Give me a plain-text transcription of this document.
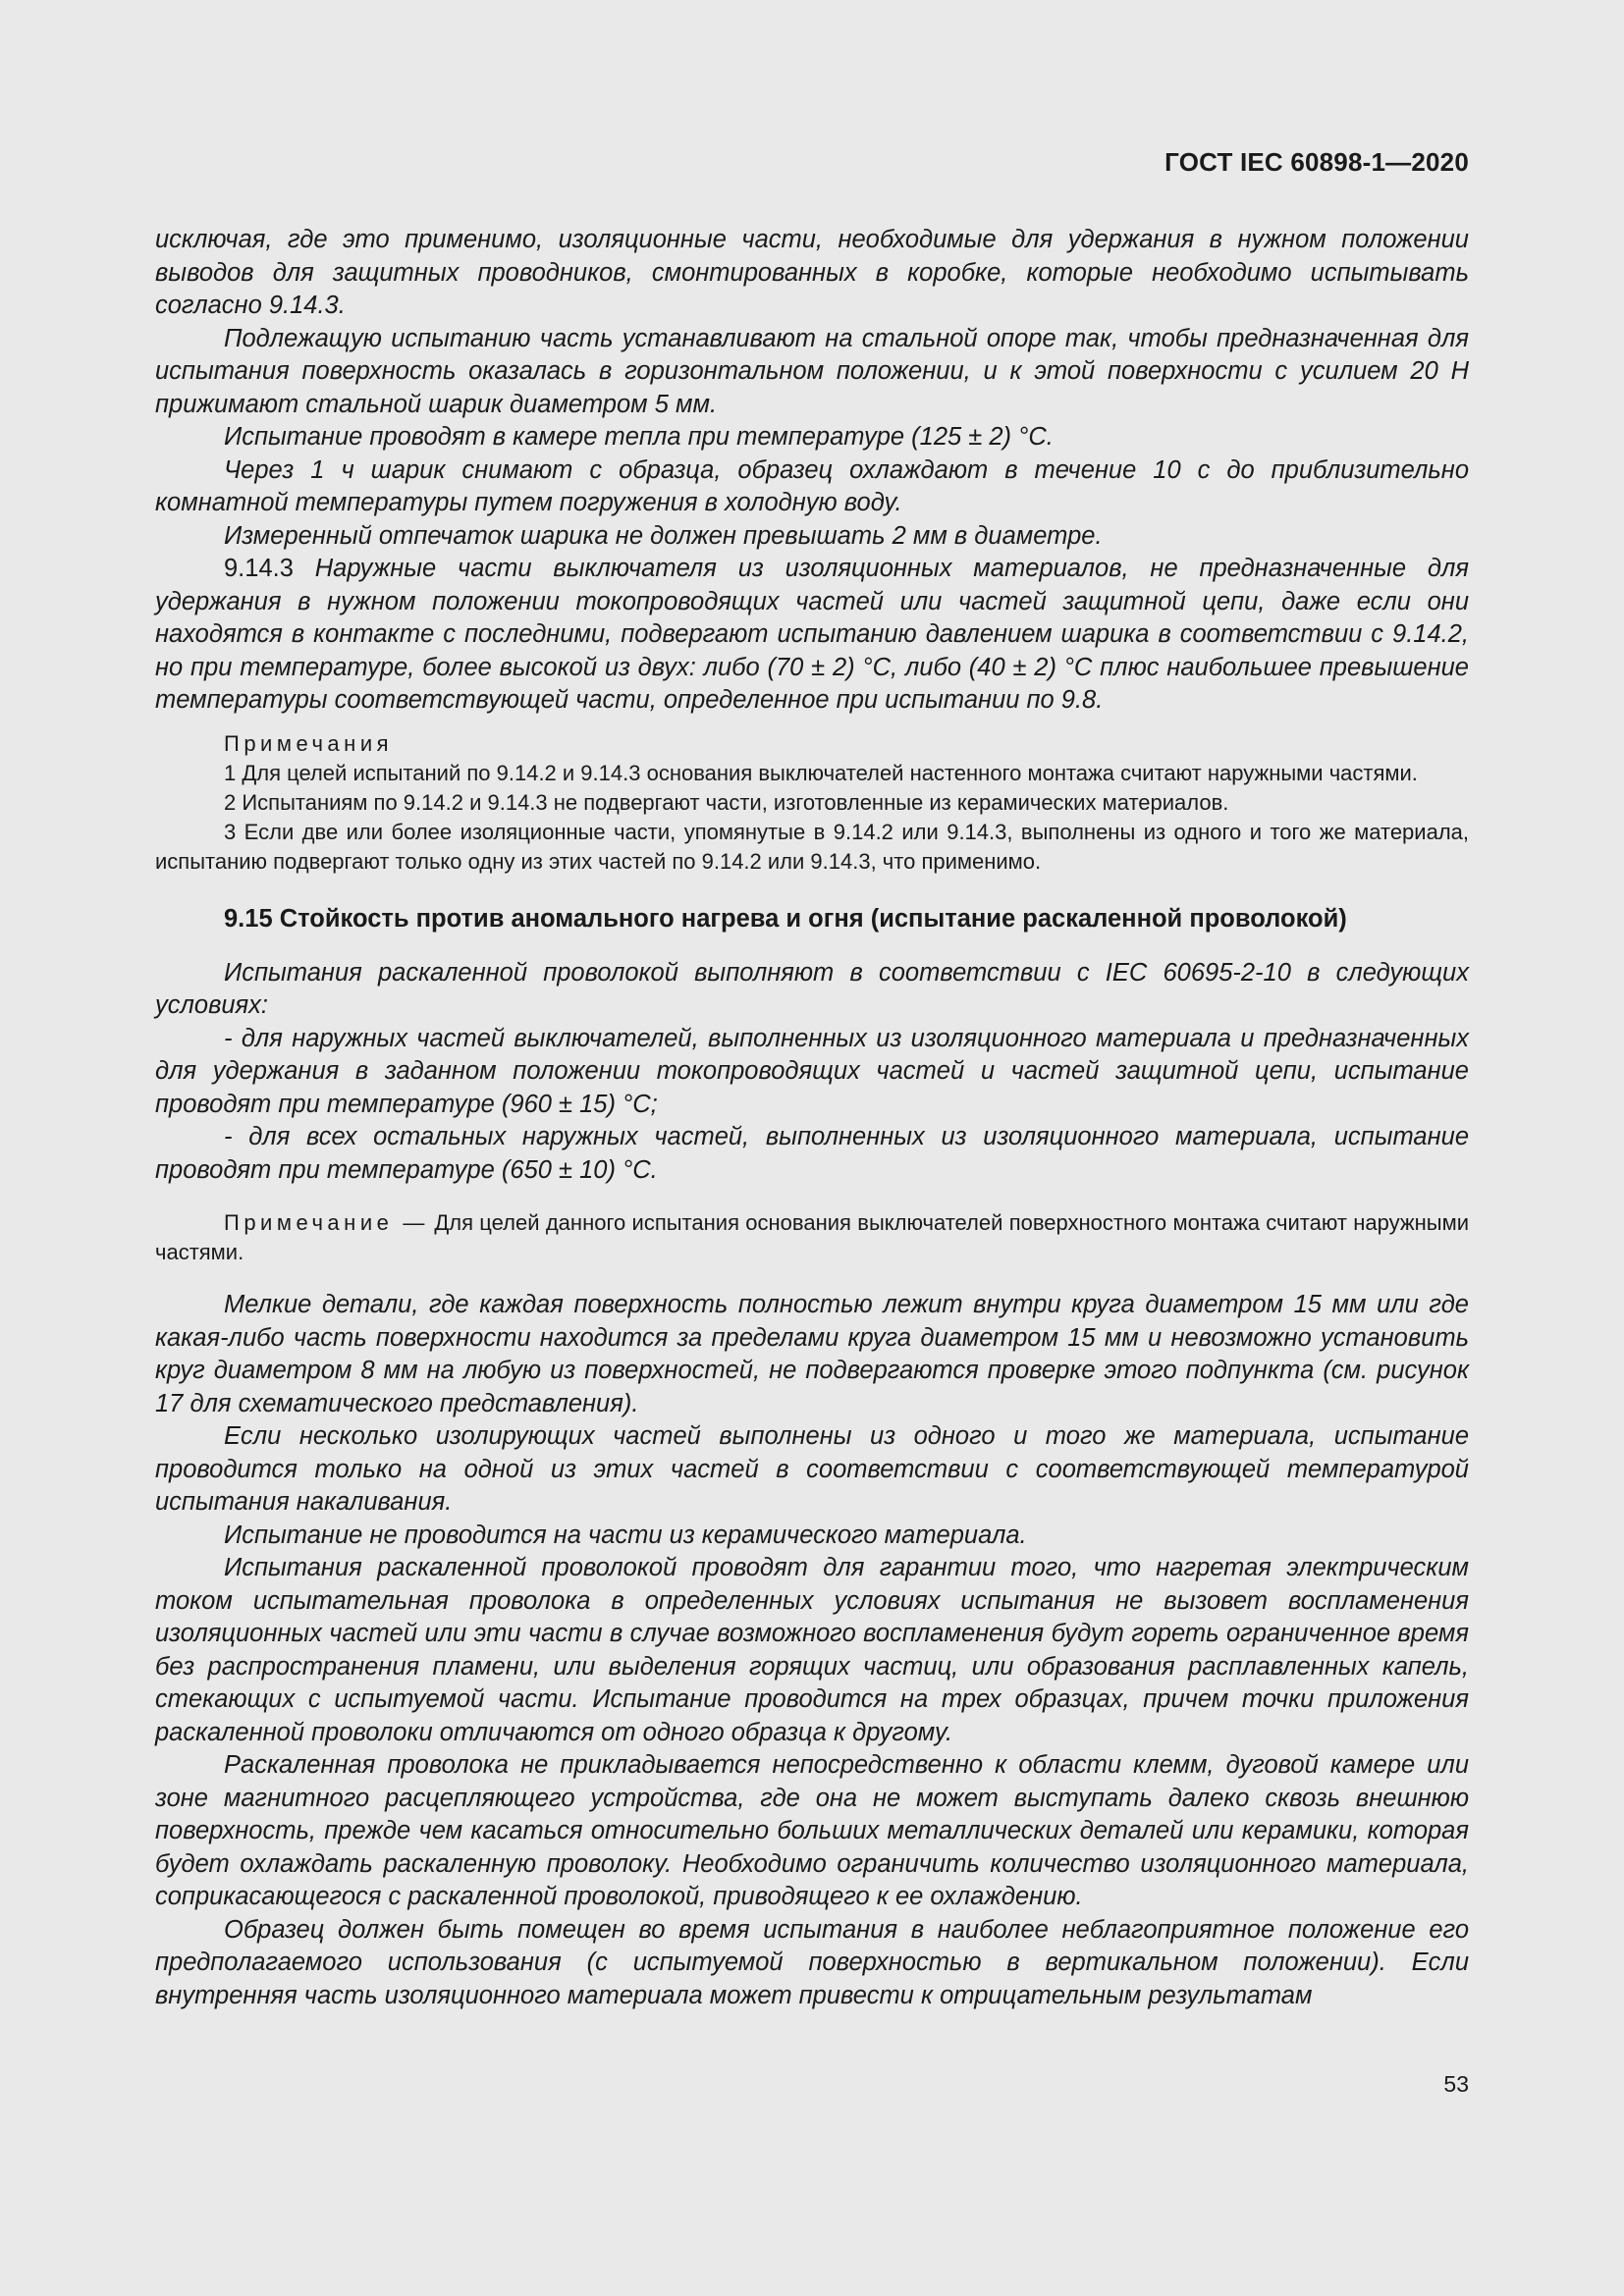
ГОСТ IEC 60898-1—2020

исключая, где это применимо, изоляционные части, необходимые для удержания в нужном положении выводов для защитных проводников, смонтированных в коробке, которые необходимо испытывать согласно 9.14.3.

Подлежащую испытанию часть устанавливают на стальной опоре так, чтобы предназначенная для испытания поверхность оказалась в горизонтальном положении, и к этой поверхности с усилием 20 Н прижимают стальной шарик диаметром 5 мм.

Испытание проводят в камере тепла при температуре (125 ± 2) °С.

Через 1 ч шарик снимают с образца, образец охлаждают в течение 10 с до приблизительно комнатной температуры путем погружения в холодную воду.

Измеренный отпечаток шарика не должен превышать 2 мм в диаметре.

9.14.3 Наружные части выключателя из изоляционных материалов, не предназначенные для удержания в нужном положении токопроводящих частей или частей защитной цепи, даже если они находятся в контакте с последними, подвергают испытанию давлением шарика в соответствии с 9.14.2, но при температуре, более высокой из двух: либо (70 ± 2) °С, либо (40 ± 2) °С плюс наибольшее превышение температуры соответствующей части, определенное при испытании по 9.8.

Примечания

1 Для целей испытаний по 9.14.2 и 9.14.3 основания выключателей настенного монтажа считают наружными частями.

2 Испытаниям по 9.14.2 и 9.14.3 не подвергают части, изготовленные из керамических материалов.

3 Если две или более изоляционные части, упомянутые в 9.14.2 или 9.14.3, выполнены из одного и того же материала, испытанию подвергают только одну из этих частей по 9.14.2 или 9.14.3, что применимо.

9.15 Стойкость против аномального нагрева и огня (испытание раскаленной проволокой)

Испытания раскаленной проволокой выполняют в соответствии с IEC 60695-2-10 в следующих условиях:

- для наружных частей выключателей, выполненных из изоляционного материала и предназначенных для удержания в заданном положении токопроводящих частей и частей защитной цепи, испытание проводят при температуре (960 ± 15) °С;

- для всех остальных наружных частей, выполненных из изоляционного материала, испытание проводят при температуре (650 ± 10) °С.

Примечание — Для целей данного испытания основания выключателей поверхностного монтажа считают наружными частями.

Мелкие детали, где каждая поверхность полностью лежит внутри круга диаметром 15 мм или где какая-либо часть поверхности находится за пределами круга диаметром 15 мм и невозможно установить круг диаметром 8 мм на любую из поверхностей, не подвергаются проверке этого подпункта (см. рисунок 17 для схематического представления).

Если несколько изолирующих частей выполнены из одного и того же материала, испытание проводится только на одной из этих частей в соответствии с соответствующей температурой испытания накаливания.

Испытание не проводится на части из керамического материала.

Испытания раскаленной проволокой проводят для гарантии того, что нагретая электрическим током испытательная проволока в определенных условиях испытания не вызовет воспламенения изоляционных частей или эти части в случае возможного воспламенения будут гореть ограниченное время без распространения пламени, или выделения горящих частиц, или образования расплавленных капель, стекающих с испытуемой части. Испытание проводится на трех образцах, причем точки приложения раскаленной проволоки отличаются от одного образца к другому.

Раскаленная проволока не прикладывается непосредственно к области клемм, дуговой камере или зоне магнитного расцепляющего устройства, где она не может выступать далеко сквозь внешнюю поверхность, прежде чем касаться относительно больших металлических деталей или керамики, которая будет охлаждать раскаленную проволоку. Необходимо ограничить количество изоляционного материала, соприкасающегося с раскаленной проволокой, приводящего к ее охлаждению.

Образец должен быть помещен во время испытания в наиболее неблагоприятное положение его предполагаемого использования (с испытуемой поверхностью в вертикальном положении). Если внутренняя часть изоляционного материала может привести к отрицательным результатам

53
